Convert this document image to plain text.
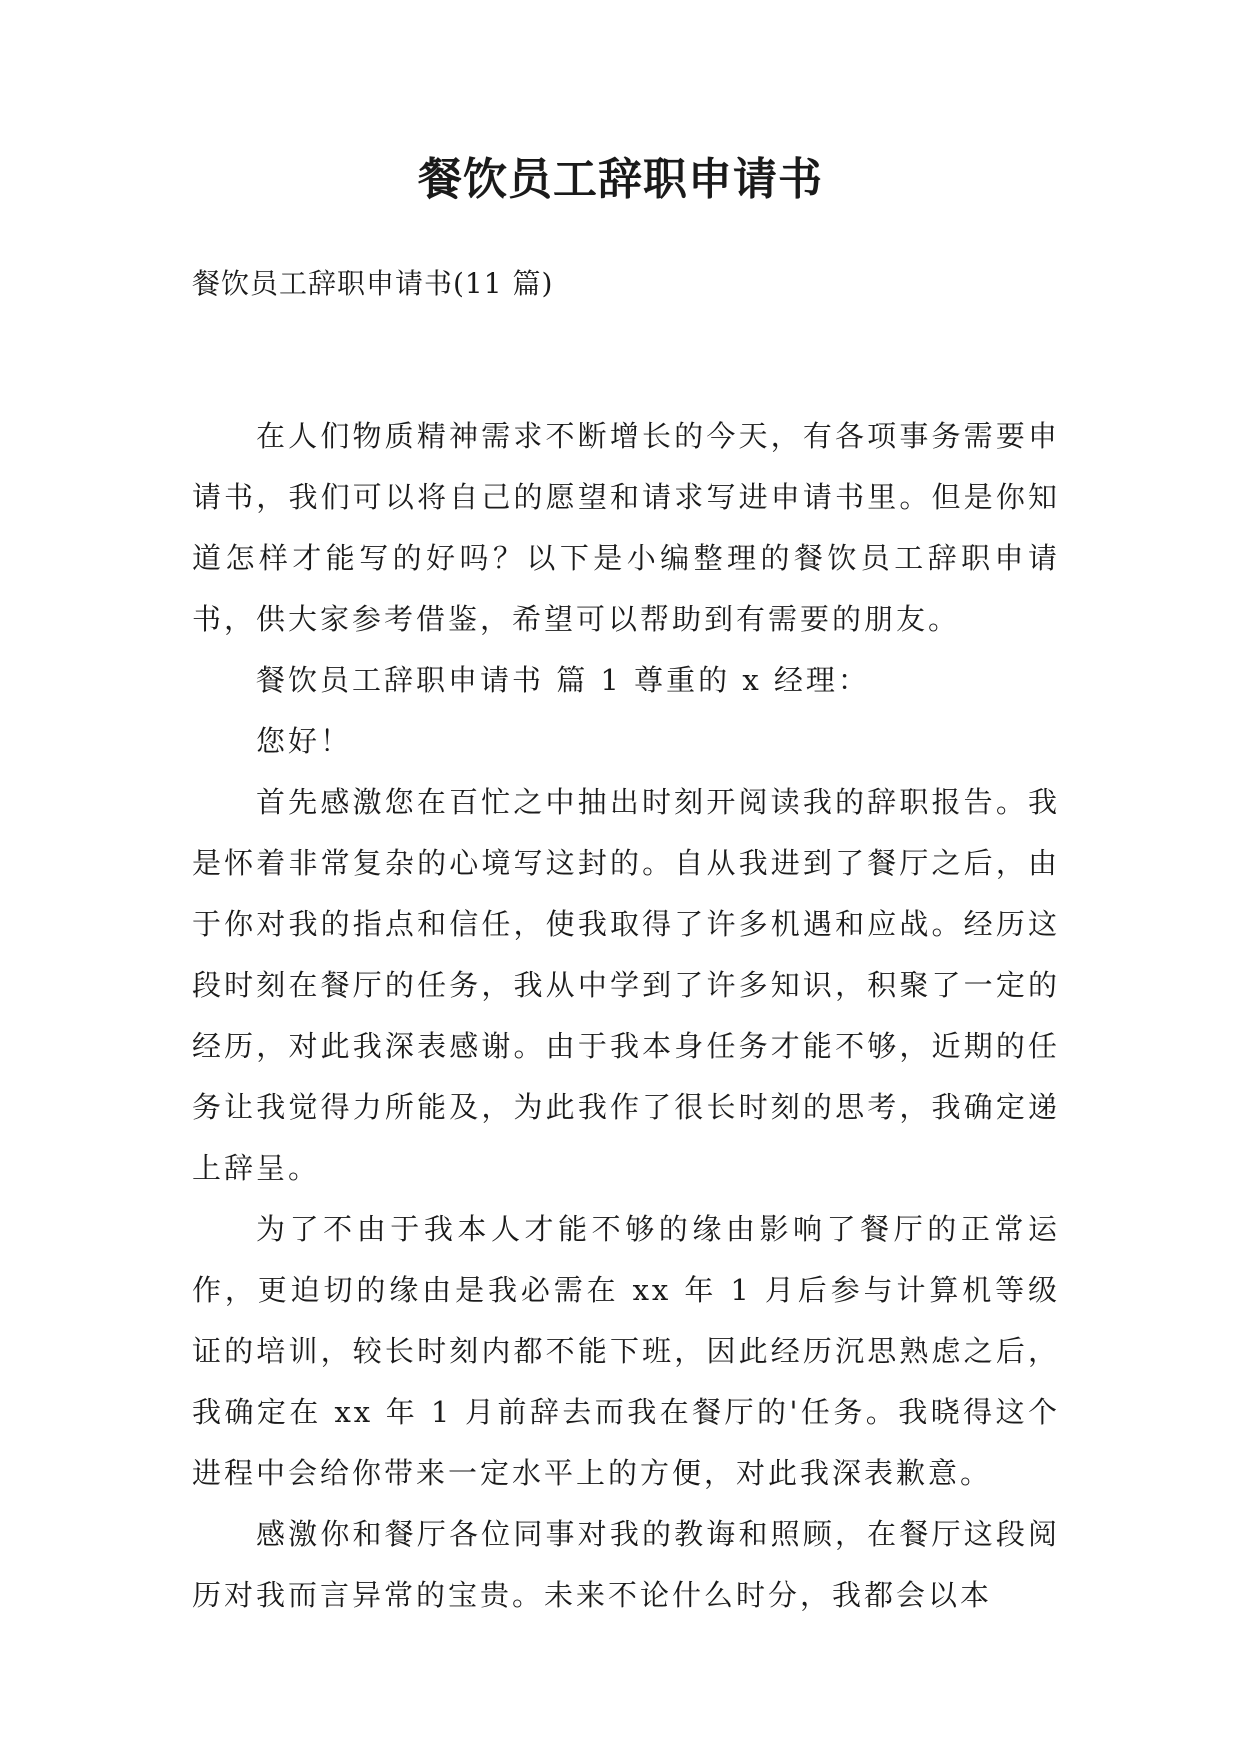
餐饮员工辞职申请书

餐饮员工辞职申请书(11 篇)

在人们物质精神需求不断增长的今天，有各项事务需要申请书，我们可以将自己的愿望和请求写进申请书里。但是你知道怎样才能写的好吗？以下是小编整理的餐饮员工辞职申请书，供大家参考借鉴，希望可以帮助到有需要的朋友。

餐饮员工辞职申请书 篇 1 尊重的 x 经理：

您好！

首先感激您在百忙之中抽出时刻开阅读我的辞职报告。我是怀着非常复杂的心境写这封的。自从我进到了餐厅之后，由于你对我的指点和信任，使我取得了许多机遇和应战。经历这段时刻在餐厅的任务，我从中学到了许多知识，积聚了一定的经历，对此我深表感谢。由于我本身任务才能不够，近期的任务让我觉得力所能及，为此我作了很长时刻的思考，我确定递上辞呈。

为了不由于我本人才能不够的缘由影响了餐厅的正常运作，更迫切的缘由是我必需在 xx 年 1 月后参与计算机等级证的培训，较长时刻内都不能下班，因此经历沉思熟虑之后，我确定在 xx 年 1 月前辞去而我在餐厅的'任务。我晓得这个进程中会给你带来一定水平上的方便，对此我深表歉意。

感激你和餐厅各位同事对我的教诲和照顾，在餐厅这段阅历对我而言异常的宝贵。未来不论什么时分，我都会以本
